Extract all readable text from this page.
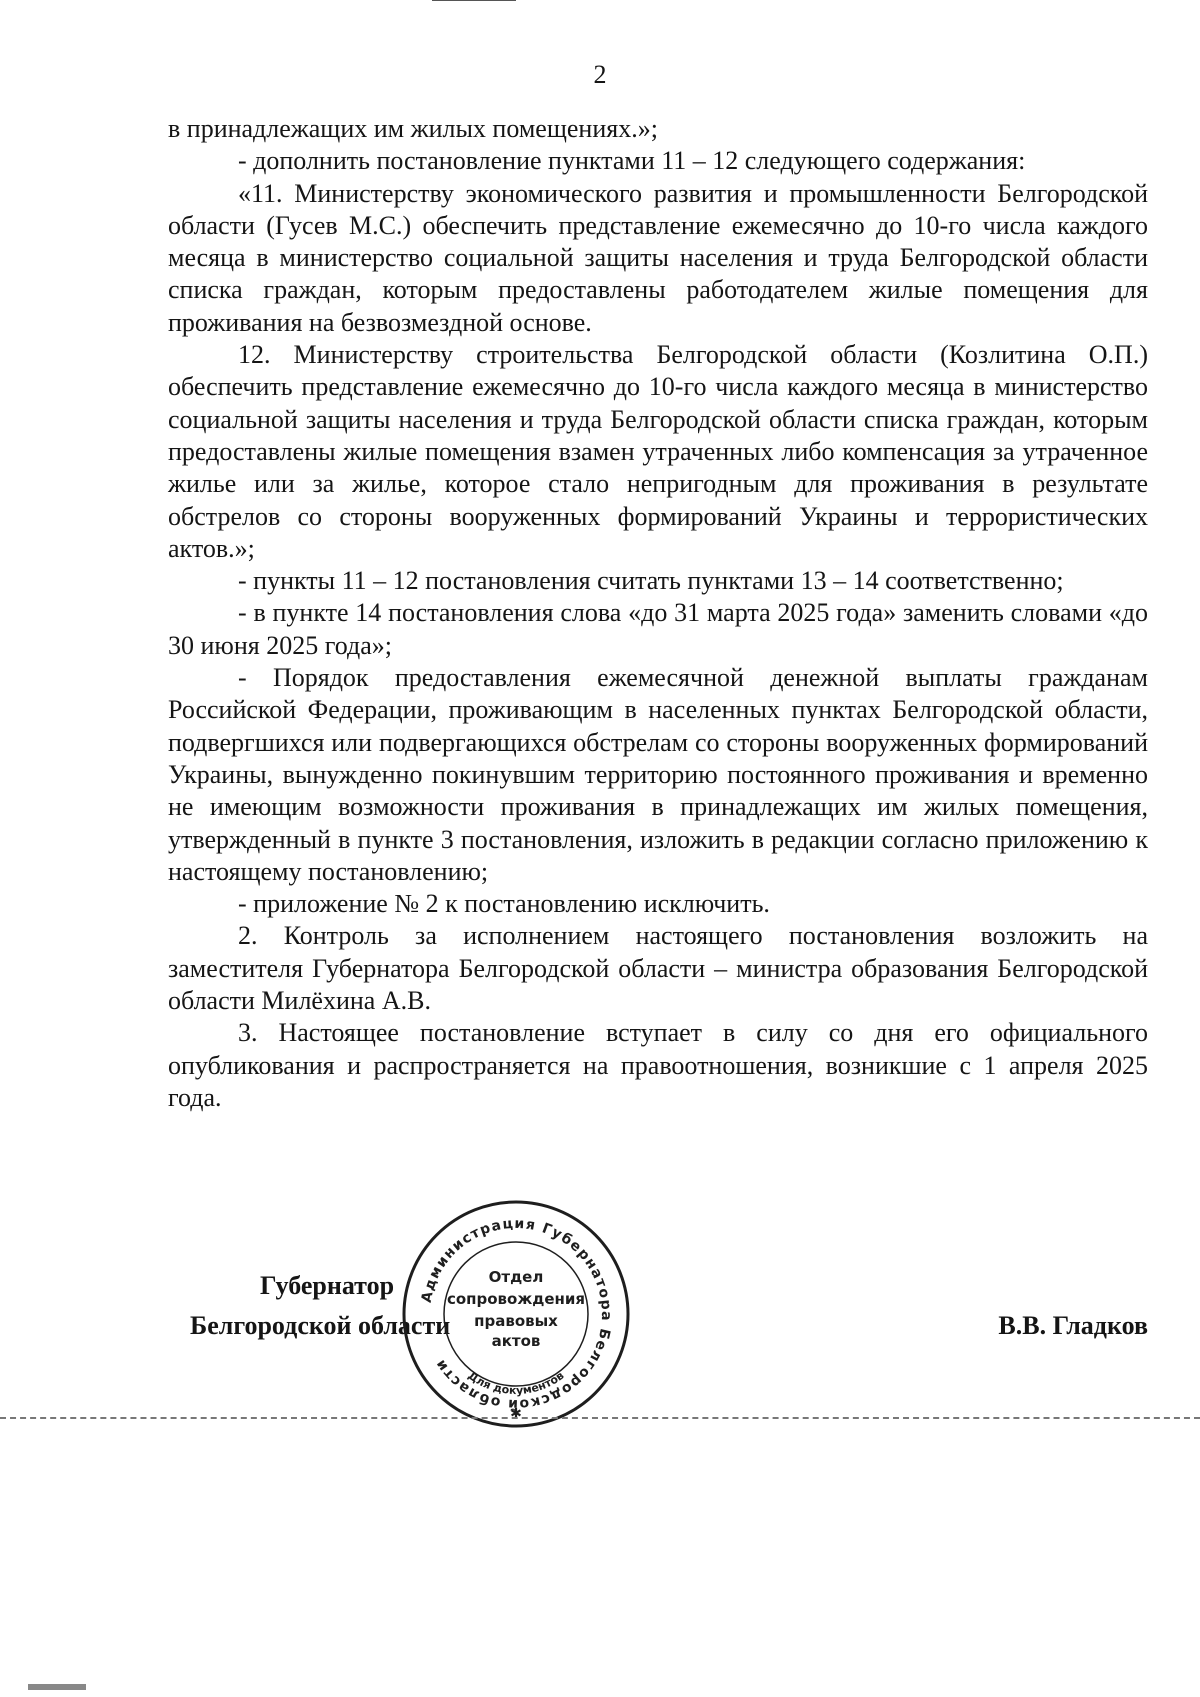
2

в принадлежащих им жилых помещениях.»;

- дополнить постановление пунктами 11 – 12 следующего содержания:

«11. Министерству экономического развития и промышленности Белгородской области (Гусев М.С.) обеспечить представление ежемесячно до 10-го числа каждого месяца в министерство социальной защиты населения и труда Белгородской области списка граждан, которым предоставлены работодателем жилые помещения для проживания на безвозмездной основе.

12. Министерству строительства Белгородской области (Козлитина О.П.) обеспечить представление ежемесячно до 10-го числа каждого месяца в министерство социальной защиты населения и труда Белгородской области списка граждан, которым предоставлены жилые помещения взамен утраченных либо компенсация за утраченное жилье или за жилье, которое стало непригодным для проживания в результате обстрелов со стороны вооруженных формирований Украины и террористических актов.»;

- пункты 11 – 12 постановления считать пунктами 13 – 14 соответственно;

- в пункте 14 постановления слова «до 31 марта 2025 года» заменить словами «до 30 июня 2025 года»;

- Порядок предоставления ежемесячной денежной выплаты гражданам Российской Федерации, проживающим в населенных пунктах Белгородской области, подвергшихся или подвергающихся обстрелам со стороны вооруженных формирований Украины, вынужденно покинувшим территорию постоянного проживания и временно не имеющим возможности проживания в принадлежащих им жилых помещения, утвержденный в пункте 3 постановления, изложить в редакции согласно приложению к настоящему постановлению;

- приложение № 2 к постановлению исключить.

2. Контроль за исполнением настоящего постановления возложить на заместителя Губернатора Белгородской области – министра образования Белгородской области Милёхина А.В.

3. Настоящее постановление вступает в силу со дня его официального опубликования и распространяется на правоотношения, возникшие с 1 апреля 2025 года.

Губернатор
Белгородской области
Администрация Губернатора Белгородской области
Отдел
сопровождения
правовых
актов
Для документов
✱
В.В. Гладков
